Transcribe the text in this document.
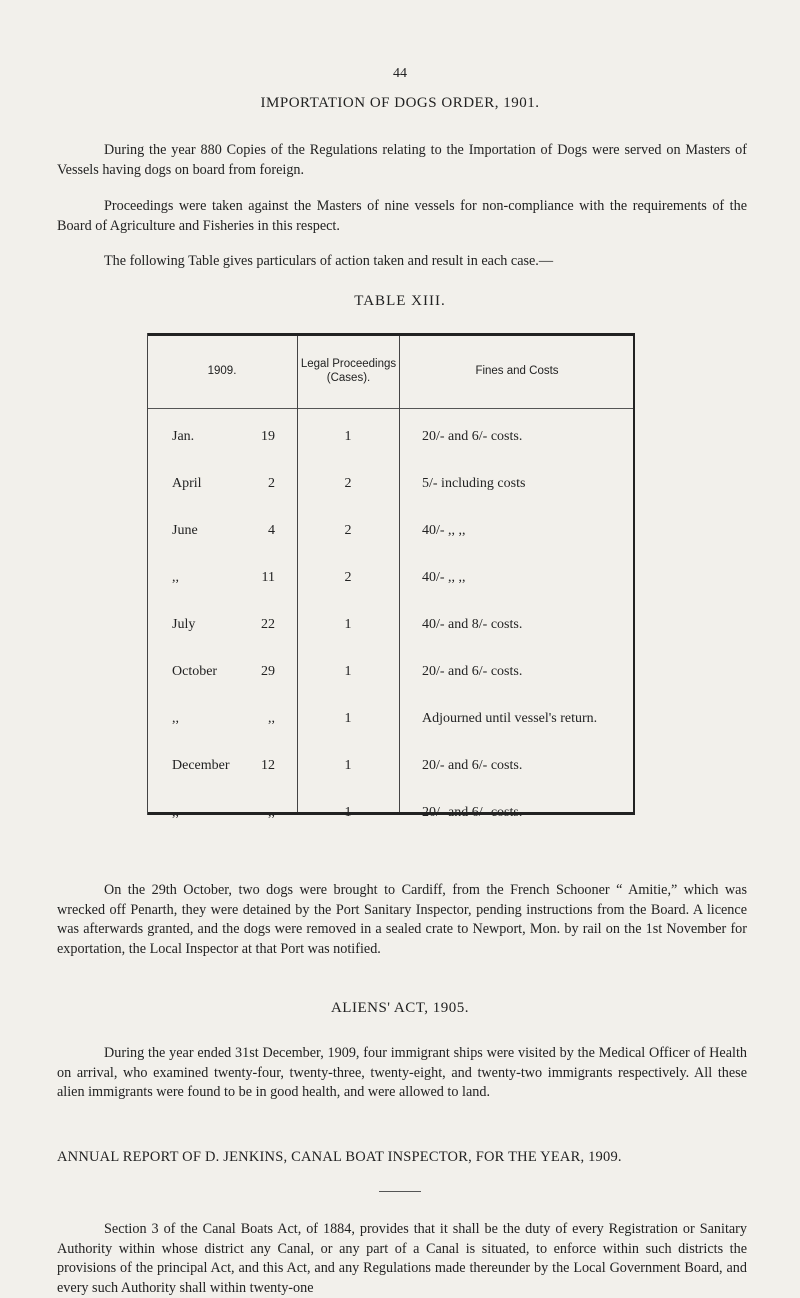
44
IMPORTATION OF DOGS ORDER, 1901.
During the year 880 Copies of the Regulations relating to the Importation of Dogs were served on Masters of Vessels having dogs on board from foreign.
Proceedings were taken against the Masters of nine vessels for non-compliance with the requirements of the Board of Agriculture and Fisheries in this respect.
The following Table gives particulars of action taken and result in each case.—
TABLE XIII.
1909.
Legal Proceedings (Cases).
Fines and Costs
Jan.	19	1	20/- and 6/- costs.
April	2	2	5/- including costs
June	4	2	40/- ,, ,,
,,	11	2	40/- ,, ,,
July	22	1	40/- and 8/- costs.
October	29	1	20/- and 6/- costs.
,,	,,	1	Adjourned until vessel's return.
December	12	1	20/- and 6/- costs.
,,	,,	1	20/- and 6/- costs.
On the 29th October, two dogs were brought to Cardiff, from the French Schooner “ Amitie,” which was wrecked off Penarth, they were detained by the Port Sanitary Inspector, pending instructions from the Board. A licence was afterwards granted, and the dogs were removed in a sealed crate to Newport, Mon. by rail on the 1st November for exportation, the Local Inspector at that Port was notified.
ALIENS' ACT, 1905.
During the year ended 31st December, 1909, four immigrant ships were visited by the Medical Officer of Health on arrival, who examined twenty-four, twenty-three, twenty-eight, and twenty-two immigrants respectively. All these alien immigrants were found to be in good health, and were allowed to land.
ANNUAL REPORT OF D. JENKINS, CANAL BOAT INSPECTOR, FOR THE YEAR, 1909.
Section 3 of the Canal Boats Act, of 1884, provides that it shall be the duty of every Registration or Sanitary Authority within whose district any Canal, or any part of a Canal is situated, to enforce within such districts the provisions of the principal Act, and this Act, and any Regulations made thereunder by the Local Government Board, and every such Authority shall within twenty-one
